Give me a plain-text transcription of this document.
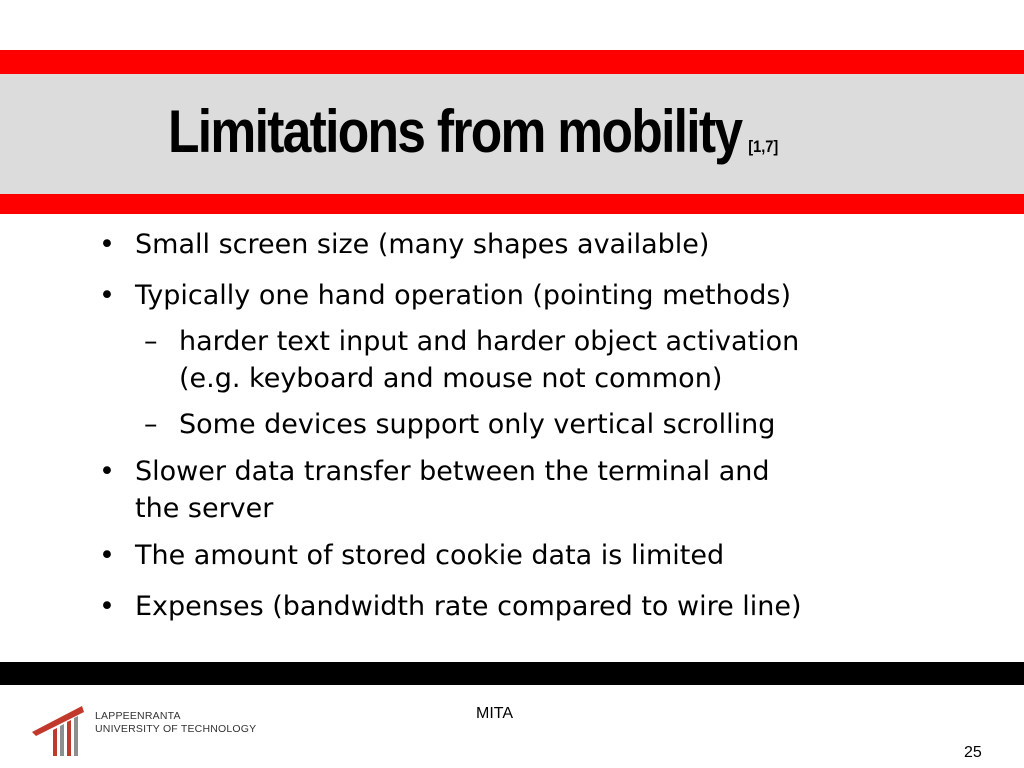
Limitations from mobility [1,7]
• Small screen size (many shapes available)
• Typically one hand operation (pointing methods)
– harder text input and harder object activation
(e.g. keyboard and mouse not common)
– Some devices support only vertical scrolling
• Slower data transfer between the terminal and
the server
• The amount of stored cookie data is limited
• Expenses (bandwidth rate compared to wire line)
LAPPEENRANTA
UNIVERSITY OF TECHNOLOGY
MITA
25
